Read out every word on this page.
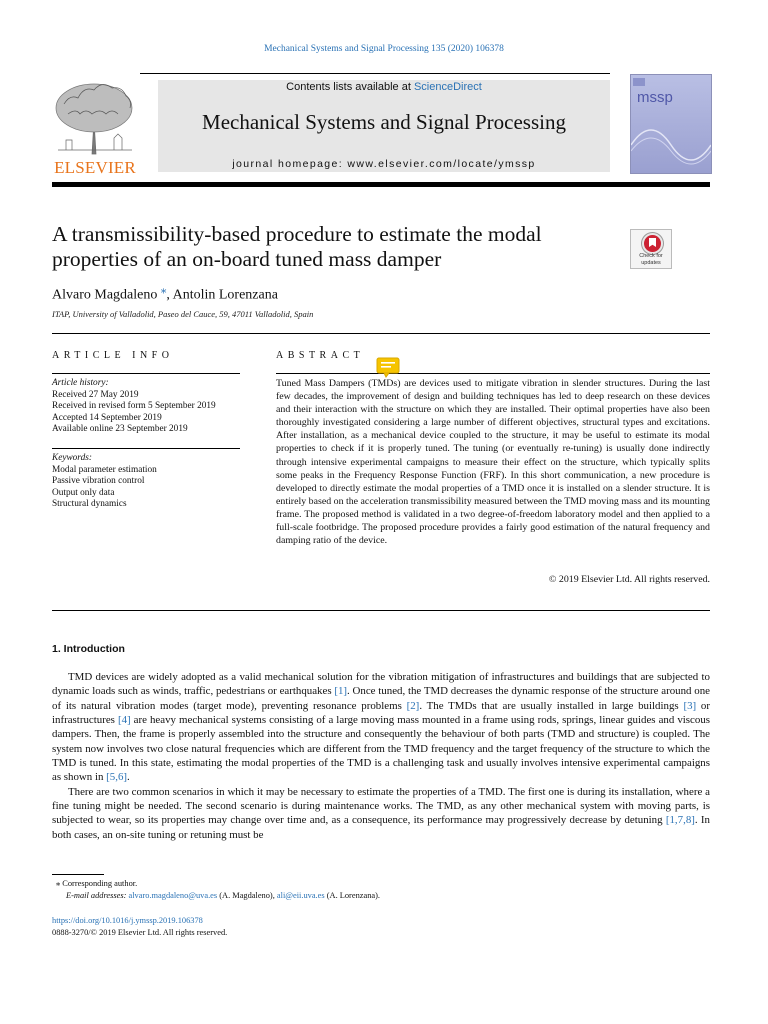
Mechanical Systems and Signal Processing 135 (2020) 106378
ELSEVIER
Contents lists available at ScienceDirect
Mechanical Systems and Signal Processing
journal homepage: www.elsevier.com/locate/ymssp
mssp
A transmissibility-based procedure to estimate the modal properties of an on-board tuned mass damper	Check for updates
Alvaro Magdaleno ⁎, Antolin Lorenzana
ITAP, University of Valladolid, Paseo del Cauce, 59, 47011 Valladolid, Spain
ARTICLE INFO
Article history:
Received 27 May 2019
Received in revised form 5 September 2019
Accepted 14 September 2019
Available online 23 September 2019
Keywords:
Modal parameter estimation
Passive vibration control
Output only data
Structural dynamics
ABSTRACT
Tuned Mass Dampers (TMDs) are devices used to mitigate vibration in slender structures. During the last few decades, the improvement of design and building techniques has led to deep research on these devices and their interaction with the structure on which they are installed. Their optimal properties have also been thoroughly investigated considering a large number of different objectives, structural types and excitations. After installation, as a mechanical device coupled to the structure, it may be useful to estimate its modal properties to check if it is properly tuned. The tuning (or eventually re-tuning) is usually done indirectly through intensive experimental campaigns to measure their effect on the structure, which typically splits some peaks in the Frequency Response Function (FRF). In this short communication, a new procedure is developed to directly estimate the modal properties of a TMD once it is installed on a slender structure. It is entirely based on the acceleration transmissibility measured between the TMD moving mass and its mounting frame. The proposed method is validated in a two degree-of-freedom laboratory model and then applied to a full-scale footbridge. The proposed procedure provides a fairly good estimation of the natural frequency and damping ratio of the device.
© 2019 Elsevier Ltd. All rights reserved.
1. Introduction

TMD devices are widely adopted as a valid mechanical solution for the vibration mitigation of infrastructures and buildings that are subjected to dynamic loads such as winds, traffic, pedestrians or earthquakes [1]. Once tuned, the TMD decreases the dynamic response of the structure around one of its natural vibration modes (target mode), preventing resonance problems [2]. The TMDs that are usually installed in large buildings [3] or infrastructures [4] are heavy mechanical systems consisting of a large moving mass mounted in a frame using rods, springs, linear guides and viscous dampers. Then, the frame is properly assembled into the structure and consequently the behaviour of both parts (TMD and structure) is coupled. The system now involves two close natural frequencies which are different from the TMD frequency and the target frequency of the structure to which the TMD is tuned. In this state, estimating the modal properties of the TMD is a challenging task and usually involves intensive experimental campaigns as shown in [5,6].

There are two common scenarios in which it may be necessary to estimate the properties of a TMD. The first one is during its installation, where a fine tuning might be needed. The second scenario is during maintenance works. The TMD, as any other mechanical system with moving parts, is subjected to wear, so its properties may change over time and, as a consequence, its performance may progressively decrease by detuning [1,7,8]. In both cases, an on-site tuning or retuning must be

⁎ Corresponding author.
E-mail addresses: alvaro.magdaleno@uva.es (A. Magdaleno), ali@eii.uva.es (A. Lorenzana).
https://doi.org/10.1016/j.ymssp.2019.106378
0888-3270/© 2019 Elsevier Ltd. All rights reserved.
